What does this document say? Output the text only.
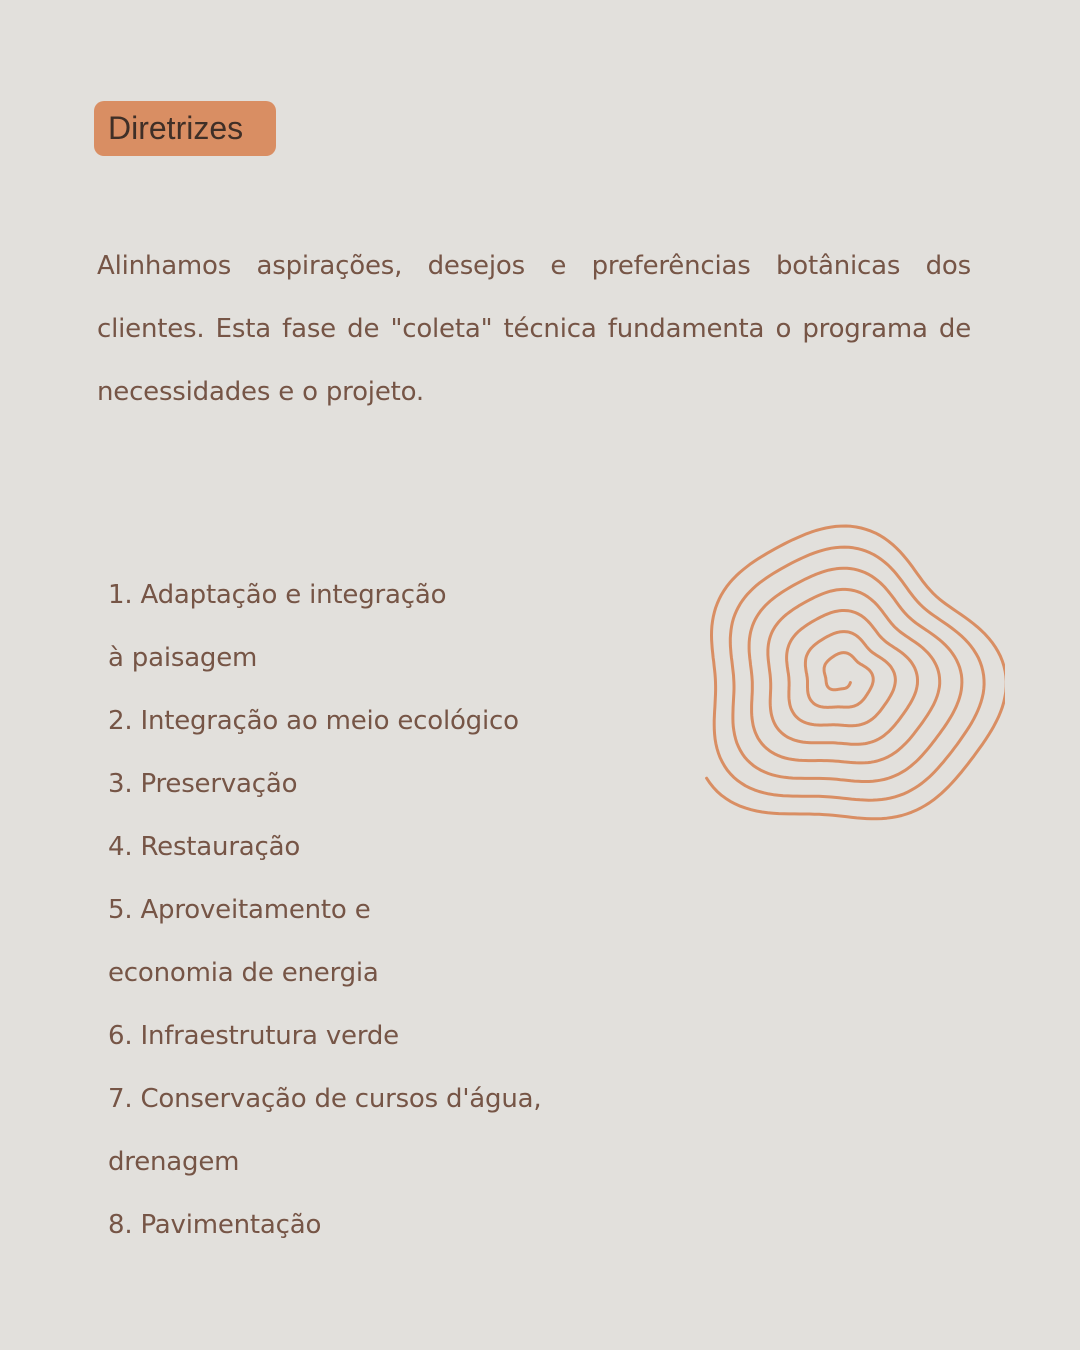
Diretrizes

Alinhamos aspirações, desejos e preferências botânicas dos clientes. Esta fase de "coleta" técnica fundamenta o programa de necessidades e o projeto.

1. Adaptação e integração
à paisagem
2. Integração ao meio ecológico
3. Preservação
4. Restauração
5. Aproveitamento e
economia de energia
6. Infraestrutura verde
7. Conservação de cursos d'água,
drenagem
8. Pavimentação
